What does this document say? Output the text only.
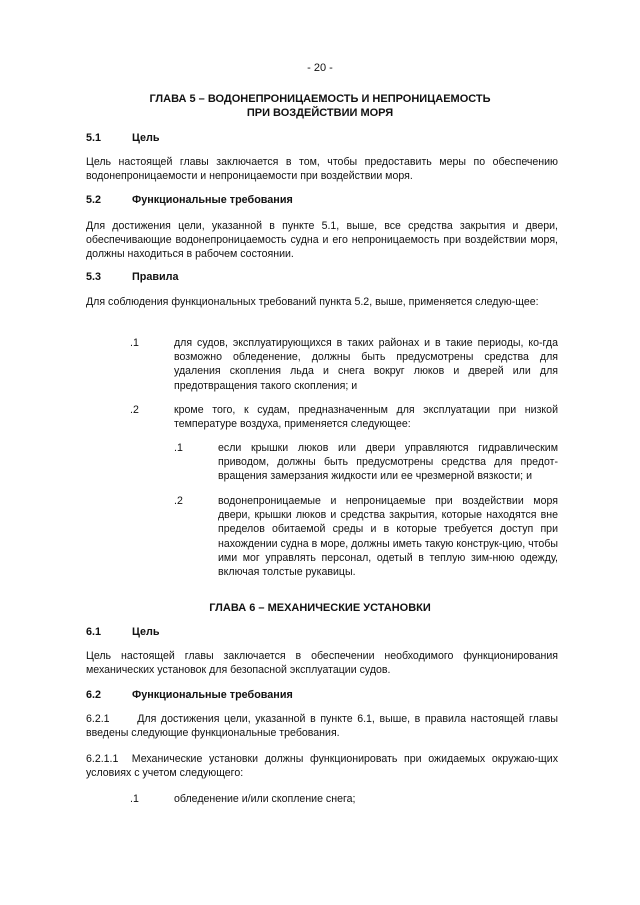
- 20 -
ГЛАВА 5 – ВОДОНЕПРОНИЦАЕМОСТЬ И НЕПРОНИЦАЕМОСТЬ
ПРИ ВОЗДЕЙСТВИИ МОРЯ
5.1	Цель
Цель настоящей главы заключается в том, чтобы предоставить меры по обеспечению водонепроницаемости и непроницаемости при воздействии моря.
5.2	Функциональные требования
Для достижения цели, указанной в пункте 5.1, выше, все средства закрытия и двери, обеспечивающие водонепроницаемость судна и его непроницаемость при воздействии моря, должны находиться в рабочем состоянии.
5.3	Правила
Для соблюдения функциональных требований пункта 5.2, выше, применяется следую-щее:
.1	для судов, эксплуатирующихся в таких районах и в такие периоды, ко-гда возможно обледенение, должны быть предусмотрены средства для удаления скопления льда и снега вокруг люков и дверей или для предотвращения такого скопления; и
.2	кроме того, к судам, предназначенным для эксплуатации при низкой температуре воздуха, применяется следующее:
.1	если крышки люков или двери управляются гидравлическим приводом, должны быть предусмотрены средства для предот-вращения замерзания жидкости или ее чрезмерной вязкости; и
.2	водонепроницаемые и непроницаемые при воздействии моря двери, крышки люков и средства закрытия, которые находятся вне пределов обитаемой среды и в которые требуется доступ при нахождении судна в море, должны иметь такую конструк-цию, чтобы ими мог управлять персонал, одетый в теплую зим-нюю одежду, включая толстые рукавицы.
ГЛАВА 6 – МЕХАНИЧЕСКИЕ УСТАНОВКИ
6.1	Цель
Цель настоящей главы заключается в обеспечении необходимого функционирования механических установок для безопасной эксплуатации судов.
6.2	Функциональные требования
6.2.1      Для достижения цели, указанной в пункте 6.1, выше, в правила настоящей главы введены следующие функциональные требования.
6.2.1.1  Механические установки должны функционировать при ожидаемых окружаю-щих условиях с учетом следующего:
.1	обледенение и/или скопление снега;
